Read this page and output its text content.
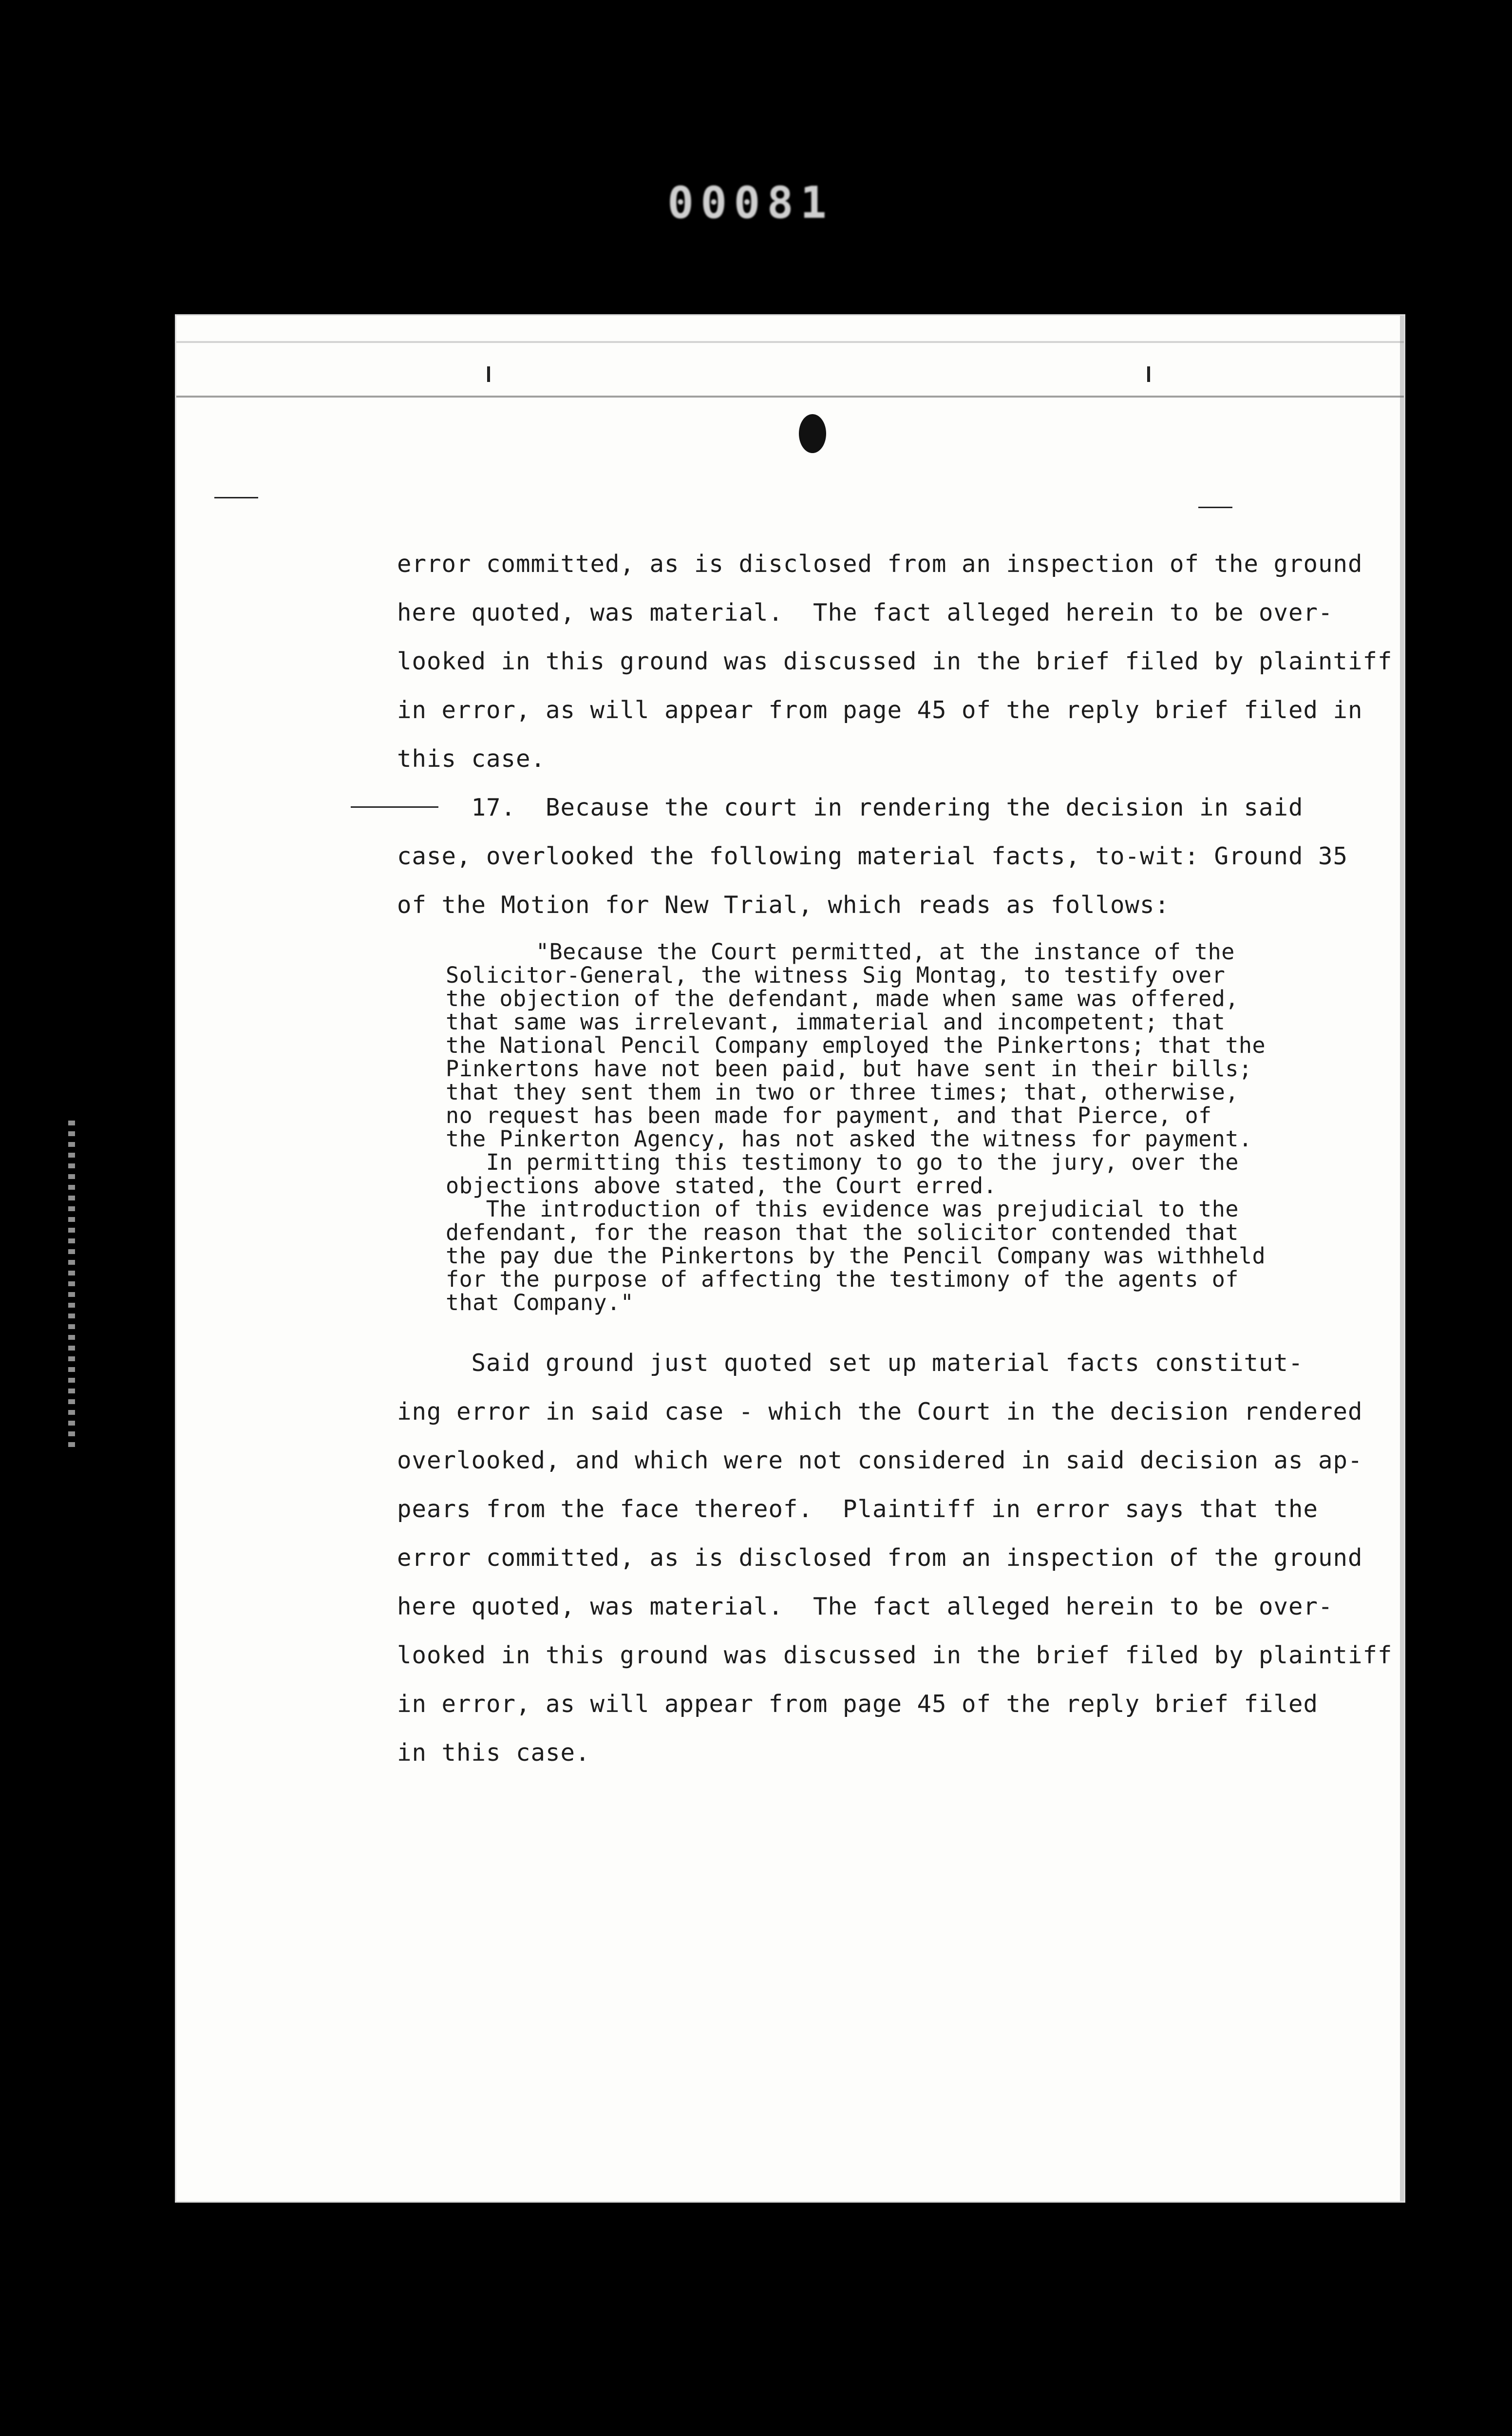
00081
error committed, as is disclosed from an inspection of the ground
here quoted, was material.  The fact alleged herein to be over-
looked in this ground was discussed in the brief filed by plaintiff
in error, as will appear from page 45 of the reply brief filed in
this case.
17.  Because the court in rendering the decision in said
case, overlooked the following material facts, to-wit: Ground 35
of the Motion for New Trial, which reads as follows:
"Because the Court permitted, at the instance of the
Solicitor-General, the witness Sig Montag, to testify over
the objection of the defendant, made when same was offered,
that same was irrelevant, immaterial and incompetent; that
the National Pencil Company employed the Pinkertons; that the
Pinkertons have not been paid, but have sent in their bills;
that they sent them in two or three times; that, otherwise,
no request has been made for payment, and that Pierce, of
the Pinkerton Agency, has not asked the witness for payment.
In permitting this testimony to go to the jury, over the
objections above stated, the Court erred.
The introduction of this evidence was prejudicial to the
defendant, for the reason that the solicitor contended that
the pay due the Pinkertons by the Pencil Company was withheld
for the purpose of affecting the testimony of the agents of
that Company."
Said ground just quoted set up material facts constitut-
ing error in said case - which the Court in the decision rendered
overlooked, and which were not considered in said decision as ap-
pears from the face thereof.  Plaintiff in error says that the
error committed, as is disclosed from an inspection of the ground
here quoted, was material.  The fact alleged herein to be over-
looked in this ground was discussed in the brief filed by plaintiff
in error, as will appear from page 45 of the reply brief filed
in this case.
